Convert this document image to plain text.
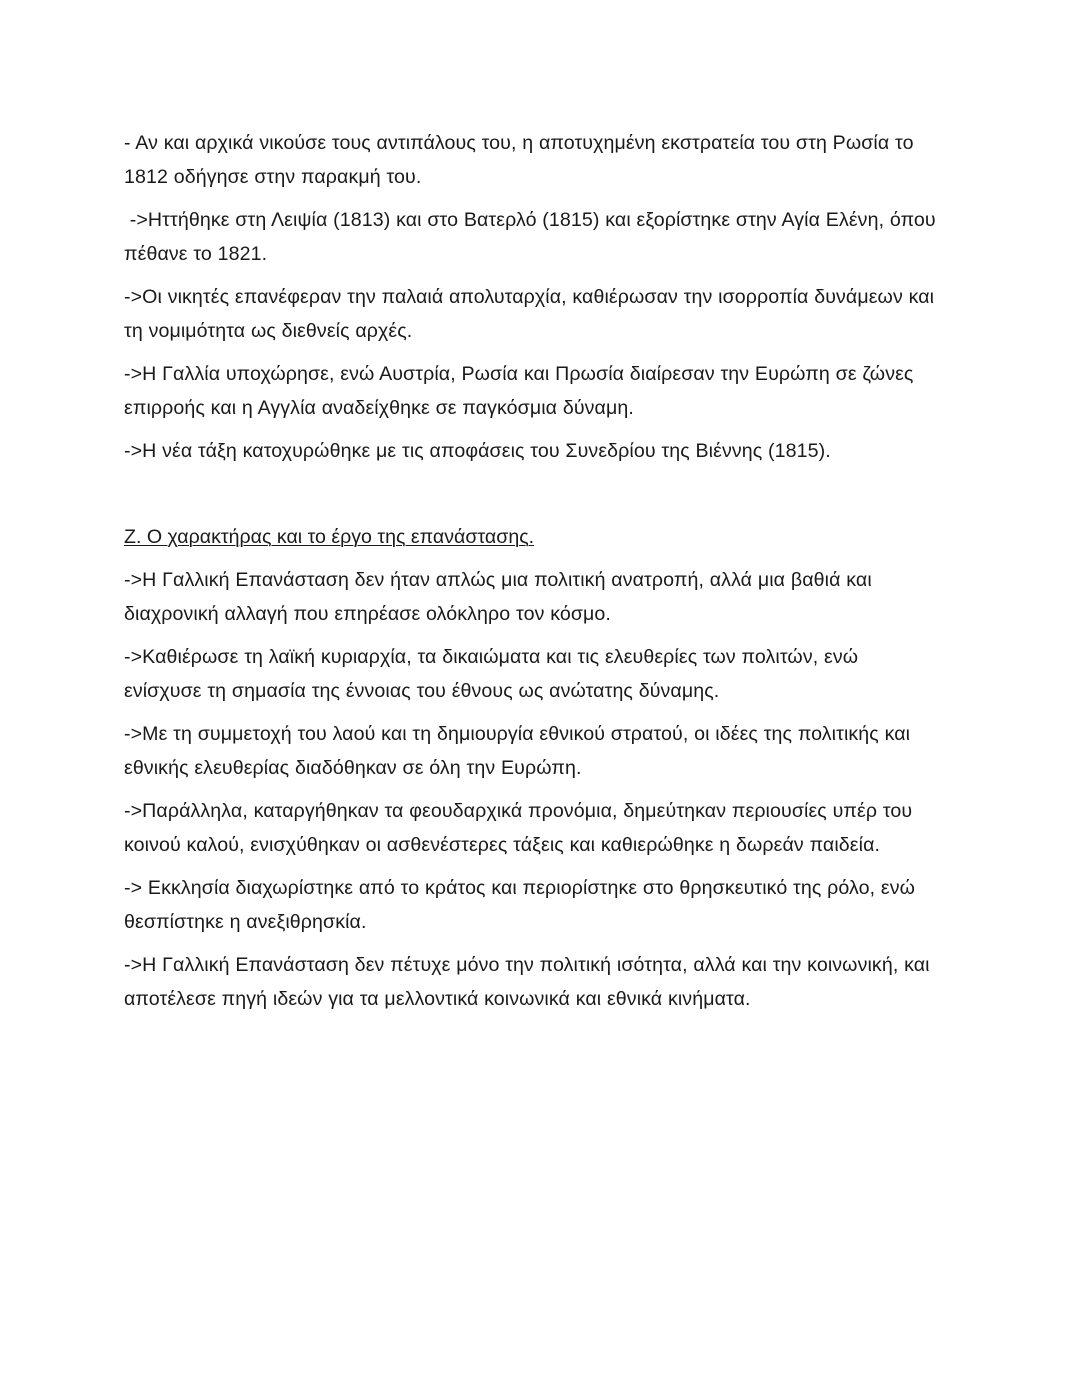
- Αν και αρχικά νικούσε τους αντιπάλους του, η αποτυχημένη εκστρατεία του στη Ρωσία το 1812 οδήγησε στην παρακμή του.

->Ηττήθηκε στη Λειψία (1813) και στο Βατερλό (1815) και εξορίστηκε στην Αγία Ελένη, όπου πέθανε το 1821.

->Οι νικητές επανέφεραν την παλαιά απολυταρχία, καθιέρωσαν την ισορροπία δυνάμεων και τη νομιμότητα ως διεθνείς αρχές.

->Η Γαλλία υποχώρησε, ενώ Αυστρία, Ρωσία και Πρωσία διαίρεσαν την Ευρώπη σε ζώνες επιρροής και η Αγγλία αναδείχθηκε σε παγκόσμια δύναμη.

->Η νέα τάξη κατοχυρώθηκε με τις αποφάσεις του Συνεδρίου της Βιέννης (1815).

Ζ. Ο χαρακτήρας και το έργο της επανάστασης.

->Η Γαλλική Επανάσταση δεν ήταν απλώς μια πολιτική ανατροπή, αλλά μια βαθιά και διαχρονική αλλαγή που επηρέασε ολόκληρο τον κόσμο.

->Καθιέρωσε τη λαϊκή κυριαρχία, τα δικαιώματα και τις ελευθερίες των πολιτών, ενώ ενίσχυσε τη σημασία της έννοιας του έθνους ως ανώτατης δύναμης.

->Με τη συμμετοχή του λαού και τη δημιουργία εθνικού στρατού, οι ιδέες της πολιτικής και εθνικής ελευθερίας διαδόθηκαν σε όλη την Ευρώπη.

->Παράλληλα, καταργήθηκαν τα φεουδαρχικά προνόμια, δημεύτηκαν περιουσίες υπέρ του κοινού καλού, ενισχύθηκαν οι ασθενέστερες τάξεις και καθιερώθηκε η δωρεάν παιδεία.

-> Εκκλησία διαχωρίστηκε από το κράτος και περιορίστηκε στο θρησκευτικό της ρόλο, ενώ θεσπίστηκε η ανεξιθρησκία.

->Η Γαλλική Επανάσταση δεν πέτυχε μόνο την πολιτική ισότητα, αλλά και την κοινωνική, και αποτέλεσε πηγή ιδεών για τα μελλοντικά κοινωνικά και εθνικά κινήματα.
